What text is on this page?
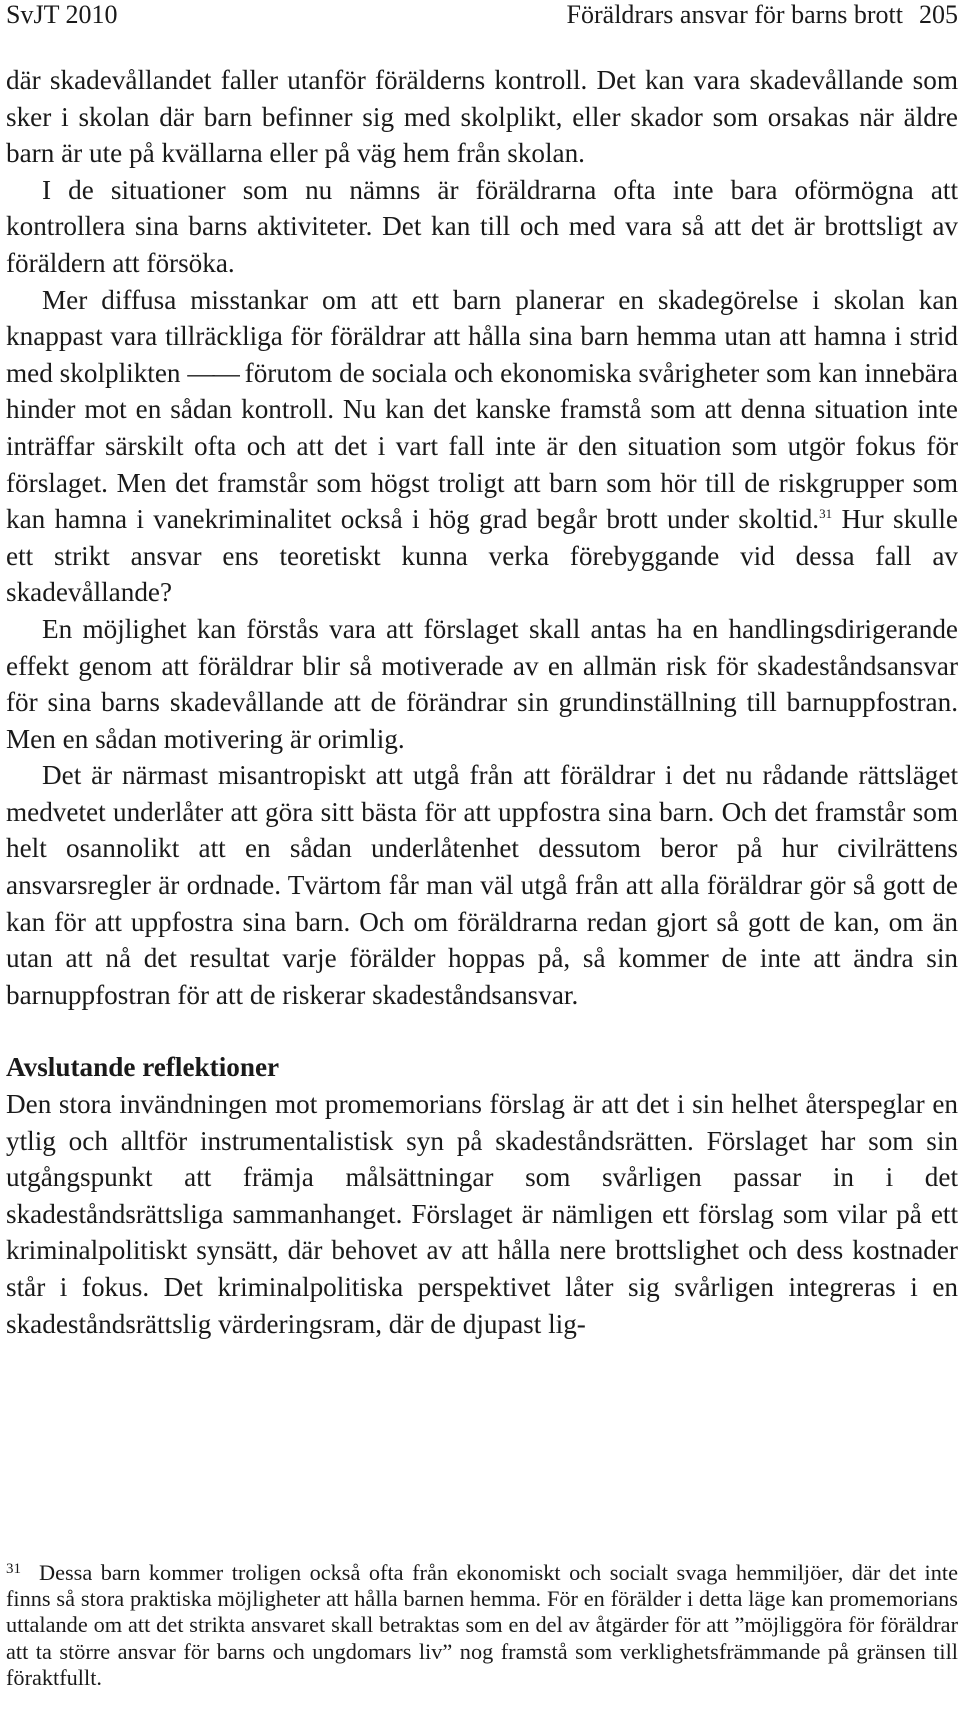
SvJT 2010	Föräldrars ansvar för barns brott 205

där skadevållandet faller utanför förälderns kontroll. Det kan vara skadevållande som sker i skolan där barn befinner sig med skolplikt, eller skador som orsakas när äldre barn är ute på kvällarna eller på väg hem från skolan.

I de situationer som nu nämns är föräldrarna ofta inte bara oförmögna att kontrollera sina barns aktiviteter. Det kan till och med vara så att det är brottsligt av föräldern att försöka.

Mer diffusa misstankar om att ett barn planerar en skadegörelse i skolan kan knappast vara tillräckliga för föräldrar att hålla sina barn hemma utan att hamna i strid med skolplikten —— förutom de sociala och ekonomiska svårigheter som kan innebära hinder mot en sådan kontroll. Nu kan det kanske framstå som att denna situation inte inträffar särskilt ofta och att det i vart fall inte är den situation som utgör fokus för förslaget. Men det framstår som högst troligt att barn som hör till de riskgrupper som kan hamna i vanekriminalitet också i hög grad begår brott under skoltid.$^{31}$ Hur skulle ett strikt ansvar ens teoretiskt kunna verka förebyggande vid dessa fall av skadevållande?

En möjlighet kan förstås vara att förslaget skall antas ha en handlingsdirigerande effekt genom att föräldrar blir så motiverade av en allmän risk för skadeståndsansvar för sina barns skadevållande att de förändrar sin grundinställning till barnuppfostran. Men en sådan motivering är orimlig.

Det är närmast misantropiskt att utgå från att föräldrar i det nu rådande rättsläget medvetet underlåter att göra sitt bästa för att uppfostra sina barn. Och det framstår som helt osannolikt att en sådan underlåtenhet dessutom beror på hur civilrättens ansvarsregler är ordnade. Tvärtom får man väl utgå från att alla föräldrar gör så gott de kan för att uppfostra sina barn. Och om föräldrarna redan gjort så gott de kan, om än utan att nå det resultat varje förälder hoppas på, så kommer de inte att ändra sin barnuppfostran för att de riskerar skadeståndsansvar.

Avslutande reflektioner

Den stora invändningen mot promemorians förslag är att det i sin helhet återspeglar en ytlig och alltför instrumentalistisk syn på skadeståndsrätten. Förslaget har som sin utgångspunkt att främja målsättningar som svårligen passar in i det skadeståndsrättsliga sammanhanget. Förslaget är nämligen ett förslag som vilar på ett kriminalpolitiskt synsätt, där behovet av att hålla nere brottslighet och dess kostnader står i fokus. Det kriminalpolitiska perspektivet låter sig svårligen integreras i en skadeståndsrättslig värderingsram, där de djupast lig-

$^{31}$ Dessa barn kommer troligen också ofta från ekonomiskt och socialt svaga hemmiljöer, där det inte finns så stora praktiska möjligheter att hålla barnen hemma. För en förälder i detta läge kan promemorians uttalande om att det strikta ansvaret skall betraktas som en del av åtgärder för att ”möjliggöra för föräldrar att ta större ansvar för barns och ungdomars liv” nog framstå som verklighetsfrämmande på gränsen till föraktfullt.
